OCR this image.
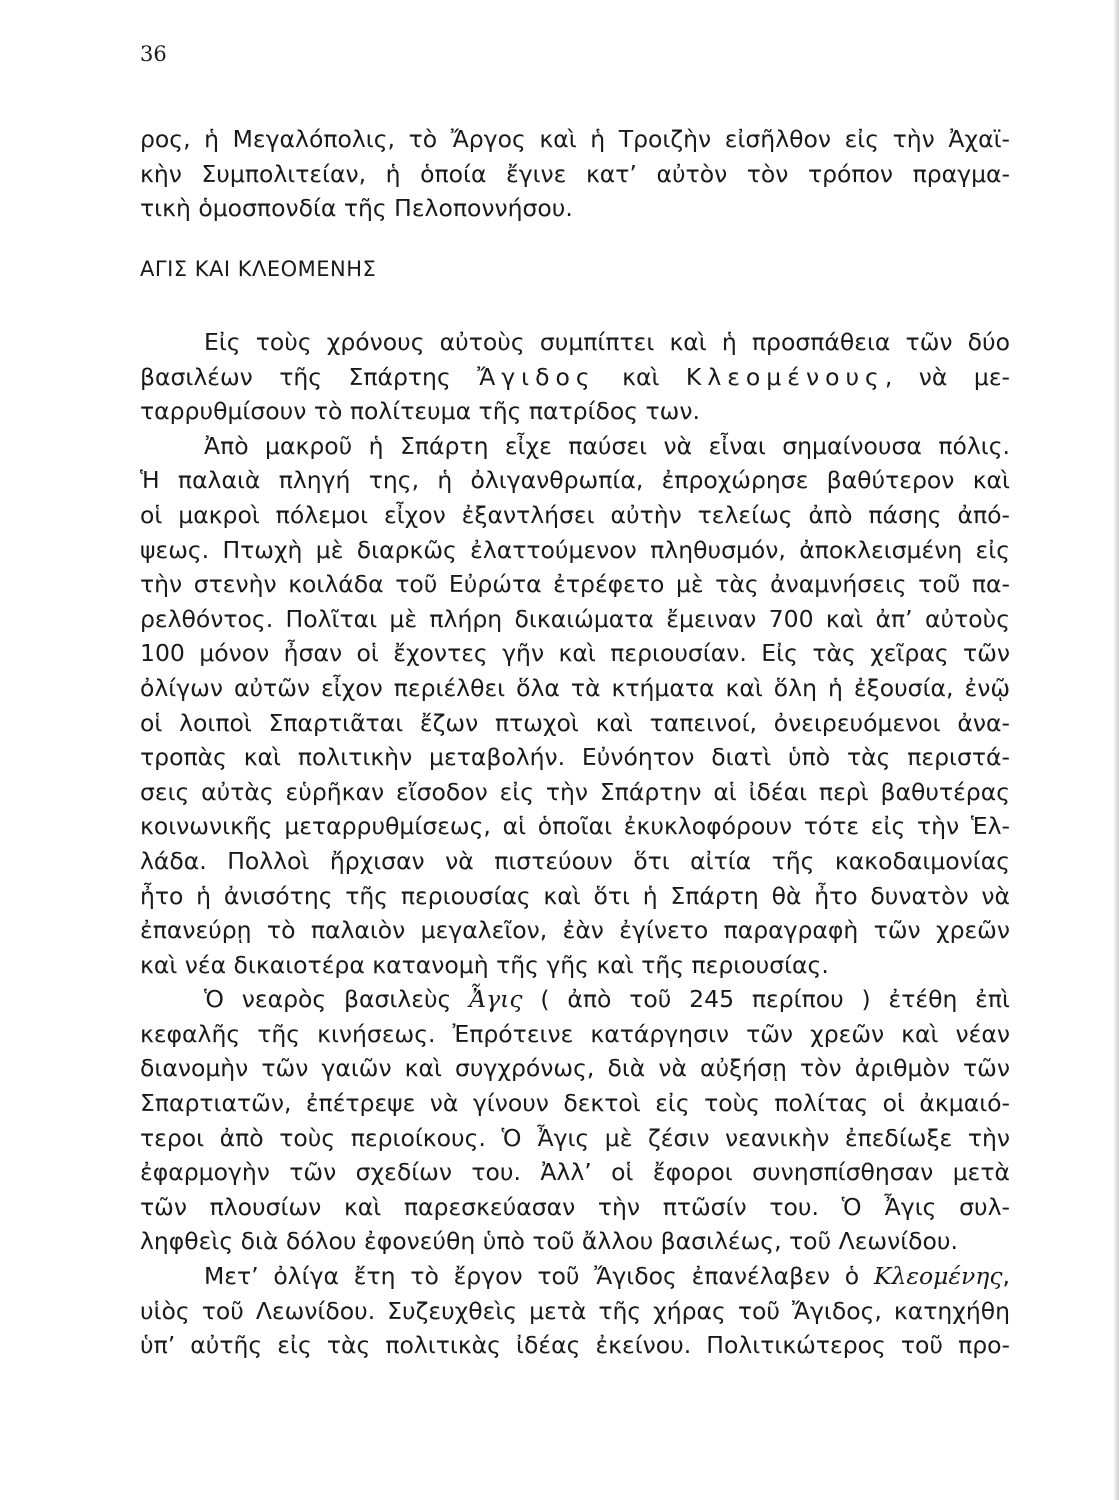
36
ρος, ἡ Μεγαλόπολις, τὸ Ἄργος καὶ ἡ Τροιζὴν εἰσῆλθον εἰς τὴν Ἀχαϊ-
κὴν Συμπολιτείαν, ἡ ὁποία ἔγινε κατ’ αὐτὸν τὸν τρόπον πραγμα-
τικὴ ὁμοσπονδία τῆς Πελοποννήσου.
ΑΓΙΣ ΚΑΙ ΚΛΕΟΜΕΝΗΣ
Εἰς τοὺς χρόνους αὐτοὺς συμπίπτει καὶ ἡ προσπάθεια τῶν δύο
βασιλέων τῆς Σπάρτης Ἄγιδος καὶ Κλεομένους, νὰ με-
ταρρυθμίσουν τὸ πολίτευμα τῆς πατρίδος των.
Ἀπὸ μακροῦ ἡ Σπάρτη εἶχε παύσει νὰ εἶναι σημαίνουσα πόλις.
Ἡ παλαιὰ πληγή της, ἡ ὀλιγανθρωπία, ἐπροχώρησε βαθύτερον καὶ
οἱ μακροὶ πόλεμοι εἶχον ἐξαντλήσει αὐτὴν τελείως ἀπὸ πάσης ἀπό-
ψεως. Πτωχὴ μὲ διαρκῶς ἐλαττούμενον πληθυσμόν, ἀποκλεισμένη εἰς
τὴν στενὴν κοιλάδα τοῦ Εὐρώτα ἐτρέφετο μὲ τὰς ἀναμνήσεις τοῦ πα-
ρελθόντος. Πολῖται μὲ πλήρη δικαιώματα ἔμειναν 700 καὶ ἀπ’ αὐτοὺς
100 μόνον ἦσαν οἱ ἔχοντες γῆν καὶ περιουσίαν. Εἰς τὰς χεῖρας τῶν
ὀλίγων αὐτῶν εἶχον περιέλθει ὅλα τὰ κτήματα καὶ ὅλη ἡ ἐξουσία, ἐνῷ
οἱ λοιποὶ Σπαρτιᾶται ἔζων πτωχοὶ καὶ ταπεινοί, ὀνειρευόμενοι ἀνα-
τροπὰς καὶ πολιτικὴν μεταβολήν. Εὐνόητον διατὶ ὑπὸ τὰς περιστά-
σεις αὐτὰς εὑρῆκαν εἴσοδον εἰς τὴν Σπάρτην αἱ ἰδέαι περὶ βαθυτέρας
κοινωνικῆς μεταρρυθμίσεως, αἱ ὁποῖαι ἐκυκλοφόρουν τότε εἰς τὴν Ἑλ-
λάδα. Πολλοὶ ἤρχισαν νὰ πιστεύουν ὅτι αἰτία τῆς κακοδαιμονίας
ἦτο ἡ ἀνισότης τῆς περιουσίας καὶ ὅτι ἡ Σπάρτη θὰ ἦτο δυνατὸν νὰ
ἐπανεύρῃ τὸ παλαιὸν μεγαλεῖον, ἐὰν ἐγίνετο παραγραφὴ τῶν χρεῶν
καὶ νέα δικαιοτέρα κατανομὴ τῆς γῆς καὶ τῆς περιουσίας.
Ὁ νεαρὸς βασιλεὺς Ἆγις ( ἀπὸ τοῦ 245 περίπου ) ἐτέθη ἐπὶ
κεφαλῆς τῆς κινήσεως. Ἐπρότεινε κατάργησιν τῶν χρεῶν καὶ νέαν
διανομὴν τῶν γαιῶν καὶ συγχρόνως, διὰ νὰ αὐξήσῃ τὸν ἀριθμὸν τῶν
Σπαρτιατῶν, ἐπέτρεψε νὰ γίνουν δεκτοὶ εἰς τοὺς πολίτας οἱ ἀκμαιό-
τεροι ἀπὸ τοὺς περιοίκους. Ὁ Ἆγις μὲ ζέσιν νεανικὴν ἐπεδίωξε τὴν
ἐφαρμογὴν τῶν σχεδίων του. Ἀλλ’ οἱ ἔφοροι συνησπίσθησαν μετὰ
τῶν πλουσίων καὶ παρεσκεύασαν τὴν πτῶσίν του. Ὁ Ἆγις συλ-
ληφθεὶς διὰ δόλου ἐφονεύθη ὑπὸ τοῦ ἄλλου βασιλέως, τοῦ Λεωνίδου.
Μετ’ ὀλίγα ἔτη τὸ ἔργον τοῦ Ἄγιδος ἐπανέλαβεν ὁ Κλεομένης,
υἱὸς τοῦ Λεωνίδου. Συζευχθεὶς μετὰ τῆς χήρας τοῦ Ἄγιδος, κατηχήθη
ὑπ’ αὐτῆς εἰς τὰς πολιτικὰς ἰδέας ἐκείνου. Πολιτικώτερος τοῦ προ-
